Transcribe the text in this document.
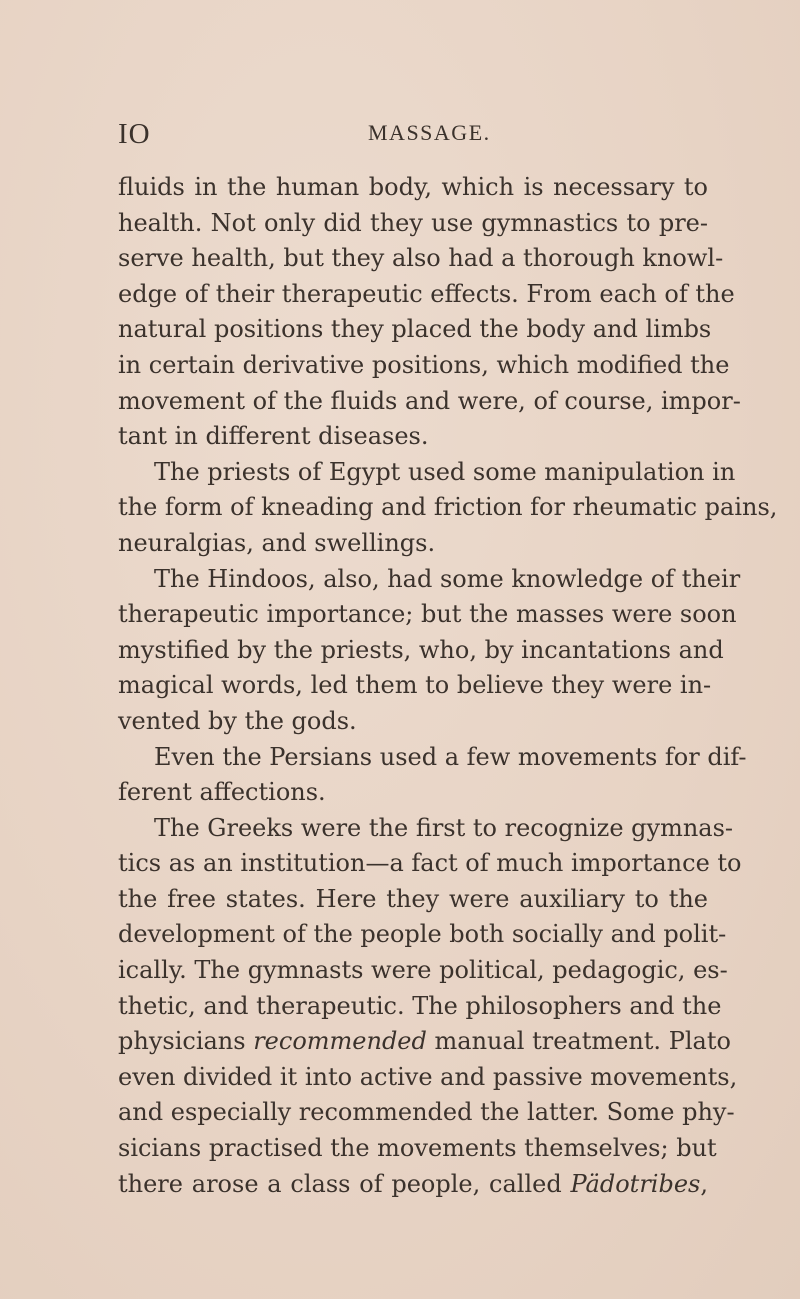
IO	MASSAGE.
fluids in the human body, which is necessary to
health. Not only did they use gymnastics to pre-
serve health, but they also had a thorough knowl-
edge of their therapeutic effects. From each of the
natural positions they placed the body and limbs
in certain derivative positions, which modified the
movement of the fluids and were, of course, impor-
tant in different diseases.
The priests of Egypt used some manipulation in
the form of kneading and friction for rheumatic pains,
neuralgias, and swellings.
The Hindoos, also, had some knowledge of their
therapeutic importance; but the masses were soon
mystified by the priests, who, by incantations and
magical words, led them to believe they were in-
vented by the gods.
Even the Persians used a few movements for dif-
ferent affections.
The Greeks were the first to recognize gymnas-
tics as an institution—a fact of much importance to
the free states. Here they were auxiliary to the
development of the people both socially and polit-
ically. The gymnasts were political, pedagogic, es-
thetic, and therapeutic. The philosophers and the
physicians recommended manual treatment. Plato
even divided it into active and passive movements,
and especially recommended the latter. Some phy-
sicians practised the movements themselves; but
there arose a class of people, called Pädotribes,
